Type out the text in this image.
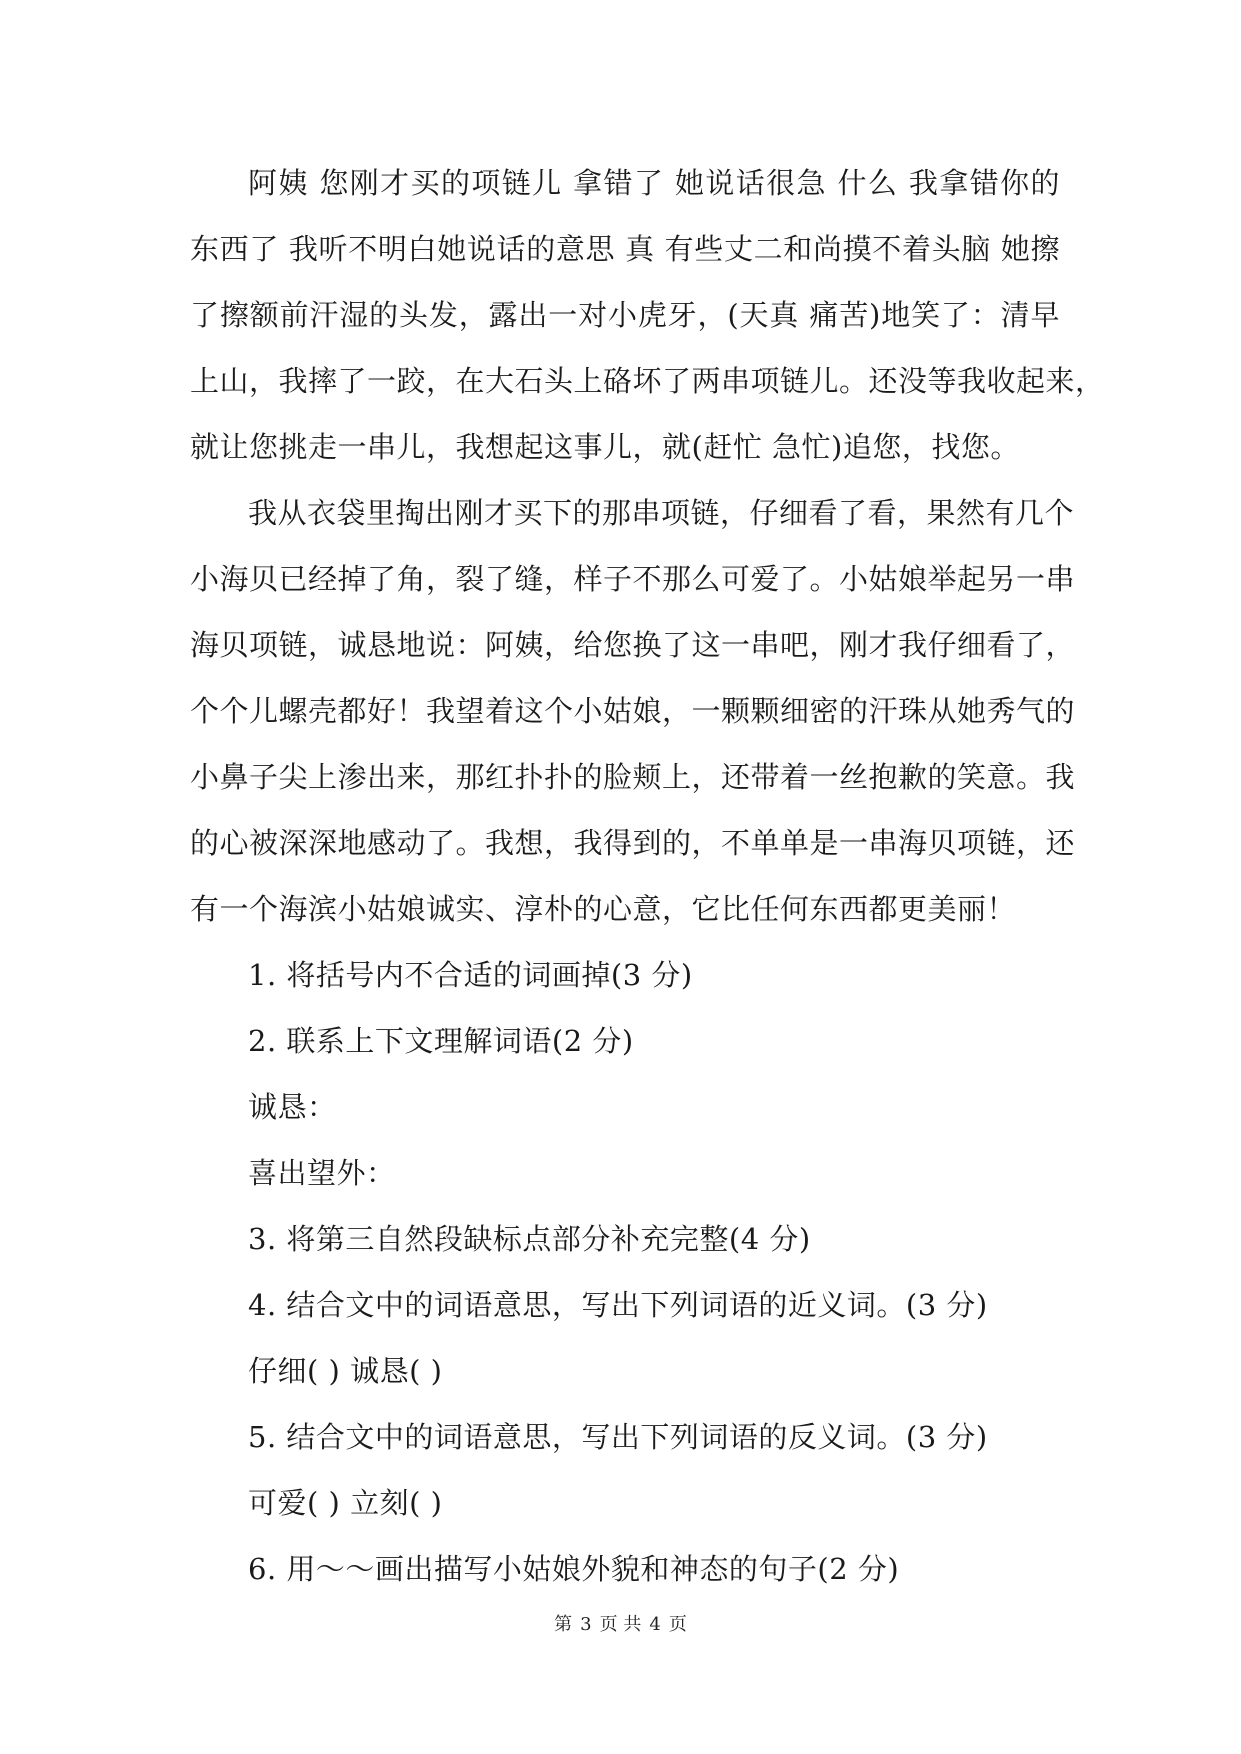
阿姨 您刚才买的项链儿 拿错了 她说话很急 什么 我拿错你的
东西了 我听不明白她说话的意思 真 有些丈二和尚摸不着头脑 她擦
了擦额前汗湿的头发，露出一对小虎牙，(天真 痛苦)地笑了：清早
上山，我摔了一跤，在大石头上硌坏了两串项链儿。还没等我收起来，
就让您挑走一串儿，我想起这事儿，就(赶忙 急忙)追您，找您。
我从衣袋里掏出刚才买下的那串项链，仔细看了看，果然有几个
小海贝已经掉了角，裂了缝，样子不那么可爱了。小姑娘举起另一串
海贝项链，诚恳地说：阿姨，给您换了这一串吧，刚才我仔细看了，
个个儿螺壳都好！我望着这个小姑娘，一颗颗细密的汗珠从她秀气的
小鼻子尖上渗出来，那红扑扑的脸颊上，还带着一丝抱歉的笑意。我
的心被深深地感动了。我想，我得到的，不单单是一串海贝项链，还
有一个海滨小姑娘诚实、淳朴的心意，它比任何东西都更美丽！
1. 将括号内不合适的词画掉(3 分)
2. 联系上下文理解词语(2 分)
诚恳：
喜出望外：
3. 将第三自然段缺标点部分补充完整(4 分)
4. 结合文中的词语意思，写出下列词语的近义词。(3 分)
仔细( ) 诚恳( )
5. 结合文中的词语意思，写出下列词语的反义词。(3 分)
可爱( ) 立刻( )
6. 用～～画出描写小姑娘外貌和神态的句子(2 分)
第 3 页 共 4 页
